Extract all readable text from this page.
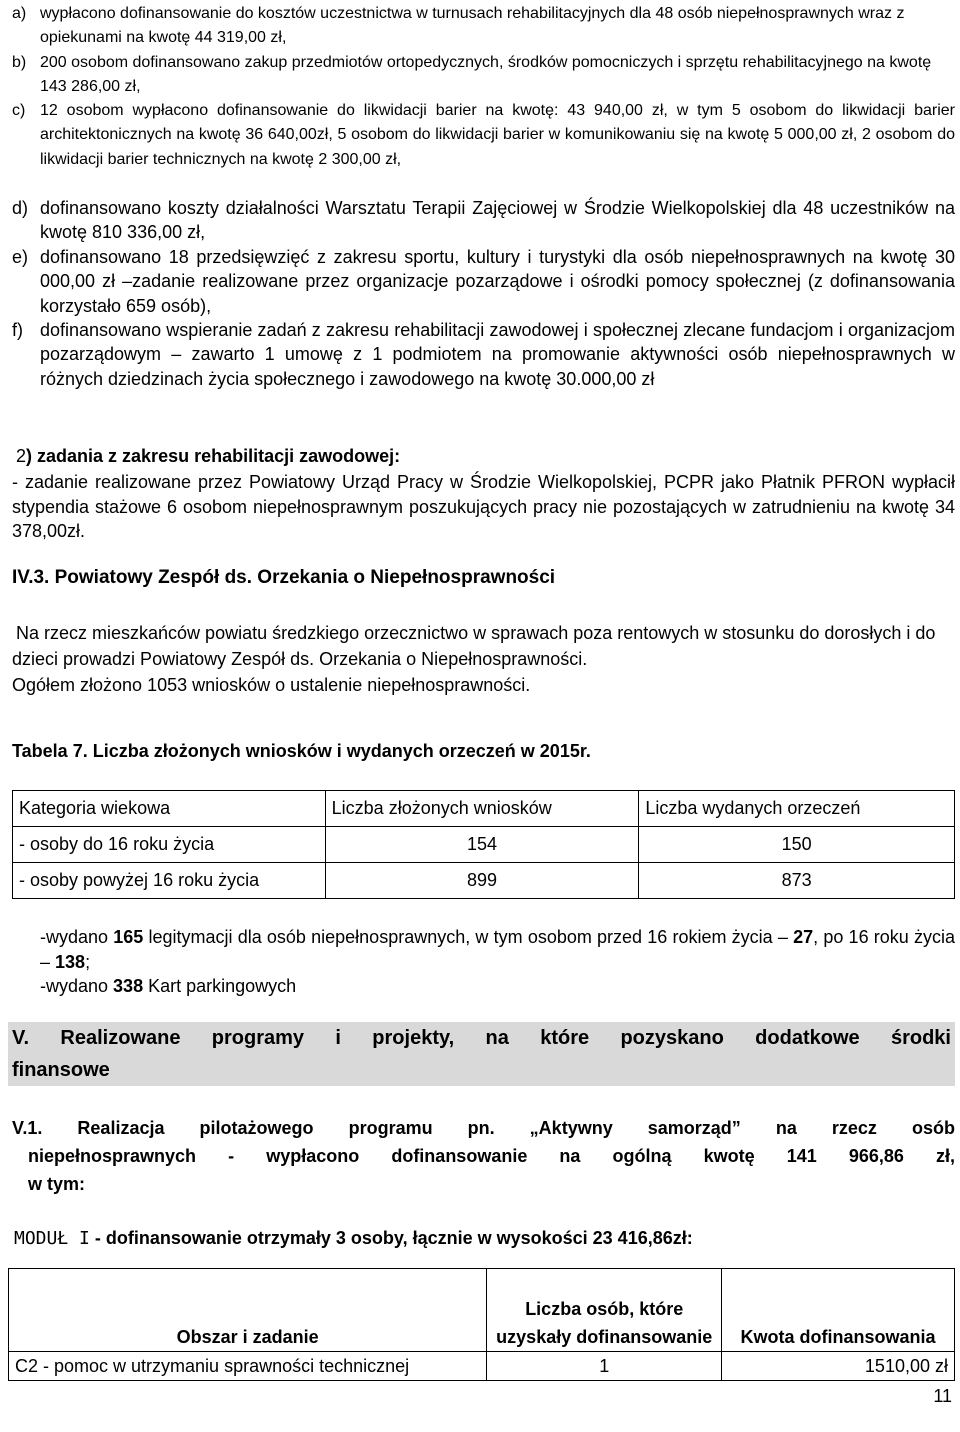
a) wypłacono dofinansowanie do kosztów uczestnictwa w turnusach rehabilitacyjnych dla 48 osób niepełnosprawnych wraz z opiekunami na kwotę 44 319,00 zł,
b) 200 osobom dofinansowano zakup przedmiotów ortopedycznych, środków pomocniczych i sprzętu rehabilitacyjnego na kwotę 143 286,00 zł,
c) 12 osobom wypłacono dofinansowanie do likwidacji barier na kwotę: 43 940,00 zł, w tym 5 osobom do likwidacji barier architektonicznych na kwotę 36 640,00zł, 5 osobom do likwidacji barier w komunikowaniu się na kwotę 5 000,00 zł, 2 osobom do likwidacji barier technicznych na kwotę 2 300,00 zł,
d) dofinansowano koszty działalności Warsztatu Terapii Zajęciowej w Środzie Wielkopolskiej dla 48 uczestników na kwotę 810 336,00 zł,
e) dofinansowano 18 przedsięwzięć z zakresu sportu, kultury i turystyki dla osób niepełnosprawnych na kwotę 30 000,00 zł –zadanie realizowane przez organizacje pozarządowe i ośrodki pomocy społecznej (z dofinansowania korzystało 659 osób),
f) dofinansowano wspieranie zadań z zakresu rehabilitacji zawodowej i społecznej zlecane fundacjom i organizacjom pozarządowym – zawarto 1 umowę z 1 podmiotem na promowanie aktywności osób niepełnosprawnych w różnych dziedzinach życia społecznego i zawodowego na kwotę 30.000,00 zł

2) zadania z zakresu rehabilitacji zawodowej:

- zadanie realizowane przez Powiatowy Urząd Pracy w Środzie Wielkopolskiej, PCPR jako Płatnik PFRON wypłacił stypendia stażowe 6 osobom niepełnosprawnym poszukujących pracy nie pozostających w zatrudnieniu na kwotę 34 378,00zł.

IV.3. Powiatowy Zespół ds. Orzekania o Niepełnosprawności

Na rzecz mieszkańców powiatu średzkiego orzecznictwo w sprawach poza rentowych w stosunku do dorosłych i do dzieci prowadzi Powiatowy Zespół ds. Orzekania o Niepełnosprawności.

Ogółem złożono 1053 wniosków o ustalenie niepełnosprawności.

Tabela 7. Liczba złożonych wniosków i wydanych orzeczeń w 2015r.

Kategoria wiekowa	Liczba złożonych wniosków	Liczba wydanych orzeczeń
- osoby do 16 roku życia	154	150
- osoby powyżej 16 roku życia	899	873

-wydano 165 legitymacji dla osób niepełnosprawnych, w tym osobom przed 16 rokiem życia – 27, po 16 roku życia – 138;

-wydano 338 Kart parkingowych

V. Realizowane programy i projekty, na które pozyskano dodatkowe środki

finansowe

V.1. Realizacja pilotażowego programu pn. „Aktywny samorząd” na rzecz osób

niepełnosprawnych - wypłacono dofinansowanie na ogólną kwotę 141 966,86 zł,

w tym:

MODUŁ I - dofinansowanie otrzymały 3 osoby, łącznie w wysokości 23 416,86zł:

Obszar i zadanie	Liczba osób, które uzyskały dofinansowanie	Kwota dofinansowania
C2 - pomoc w utrzymaniu sprawności technicznej	1	1510,00 zł
11
